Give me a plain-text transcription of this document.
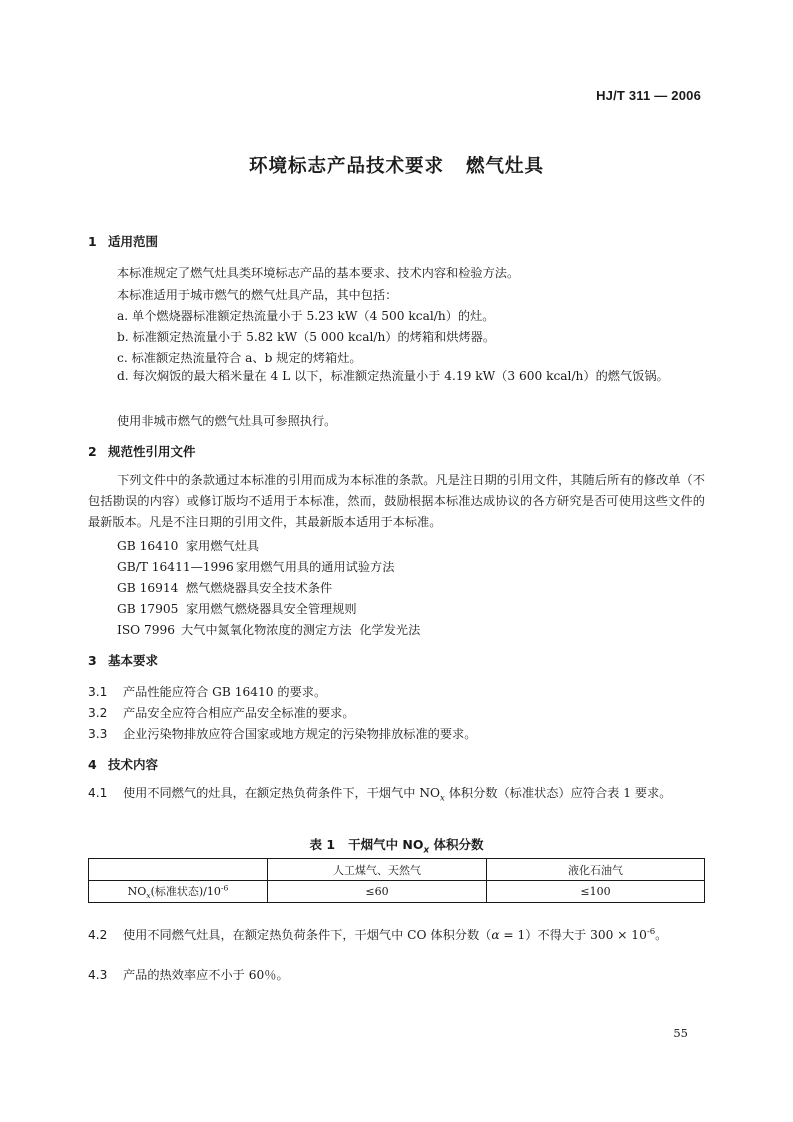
HJ/T 311 — 2006
环境标志产品技术要求 燃气灶具
1 适用范围
本标准规定了燃气灶具类环境标志产品的基本要求、技术内容和检验方法。
本标准适用于城市燃气的燃气灶具产品，其中包括：
a. 单个燃烧器标准额定热流量小于 5.23 kW（4 500 kcal/h）的灶。
b. 标准额定热流量小于 5.82 kW（5 000 kcal/h）的烤箱和烘烤器。
c. 标准额定热流量符合 a、b 规定的烤箱灶。
d. 每次焖饭的最大稻米量在 4 L 以下，标准额定热流量小于 4.19 kW（3 600 kcal/h）的燃气饭锅。
使用非城市燃气的燃气灶具可参照执行。
2 规范性引用文件
下列文件中的条款通过本标准的引用而成为本标准的条款。凡是注日期的引用文件，其随后所有的修改单（不包括勘误的内容）或修订版均不适用于本标准，然而，鼓励根据本标准达成协议的各方研究是否可使用这些文件的最新版本。凡是不注日期的引用文件，其最新版本适用于本标准。
GB 16410 家用燃气灶具
GB/T 16411—1996 家用燃气用具的通用试验方法
GB 16914 燃气燃烧器具安全技术条件
GB 17905 家用燃气燃烧器具安全管理规则
ISO 7996 大气中氮氧化物浓度的测定方法  化学发光法
3 基本要求
3.1 产品性能应符合 GB 16410 的要求。
3.2 产品安全应符合相应产品安全标准的要求。
3.3 企业污染物排放应符合国家或地方规定的污染物排放标准的要求。
4 技术内容
4.1 使用不同燃气的灶具，在额定热负荷条件下，干烟气中 $NO_x$ 体积分数（标准状态）应符合表 1 要求。
表 1   干烟气中 $NO_x$ 体积分数
	人工煤气、天然气	液化石油气
$NO_x$(标准状态)$/10^{-6}$	≤60	≤100
4.2 使用不同燃气灶具，在额定热负荷条件下，干烟气中 CO 体积分数（α = 1）不得大于 $300 \times 10^{-6}$。
4.3 产品的热效率应不小于 60％。
55
